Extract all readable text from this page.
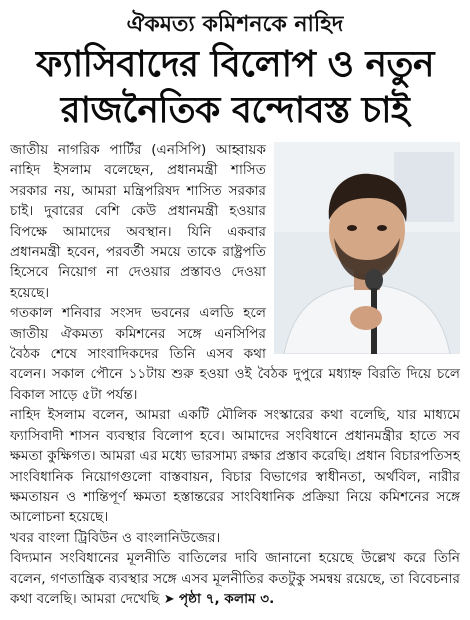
ঐকমত্য কমিশনকে নাহিদ
ফ্যাসিবাদের বিলোপ ও নতুন
রাজনৈতিক বন্দোবস্ত চাই

জাতীয় নাগরিক পার্টির (এনসিপি) আহ্বায়ক নাহিদ ইসলাম বলেছেন, প্রধানমন্ত্রী শাসিত সরকার নয়, আমরা মন্ত্রিপরিষদ শাসিত সরকার চাই। দুবারের বেশি কেউ প্রধানমন্ত্রী হওয়ার বিপক্ষে আমাদের অবস্থান। যিনি একবার প্রধানমন্ত্রী হবেন, পরবর্তী সময়ে তাকে রাষ্ট্রপতি হিসেবে নিয়োগ না দেওয়ার প্রস্তাবও দেওয়া হয়েছে।

গতকাল শনিবার সংসদ ভবনের এলডি হলে জাতীয় ঐকমত্য কমিশনের সঙ্গে এনসিপির বৈঠক শেষে সাংবাদিকদের তিনি এসব কথা বলেন। সকাল পৌনে ১১টায় শুরু হওয়া ওই বৈঠক দুপুরে মধ্যাহ্ন বিরতি দিয়ে চলে বিকাল সাড়ে ৫টা পর্যন্ত।

নাহিদ ইসলাম বলেন, আমরা একটি মৌলিক সংস্কারের কথা বলেছি, যার মাধ্যমে ফ্যাসিবাদী শাসন ব্যবস্থার বিলোপ হবে। আমাদের সংবিধানে প্রধানমন্ত্রীর হাতে সব ক্ষমতা কুক্ষিগত। আমরা এর মধ্যে ভারসাম্য রক্ষার প্রস্তাব করেছি। প্রধান বিচারপতিসহ সাংবিধানিক নিয়োগগুলো বাস্তবায়ন, বিচার বিভাগের স্বাধীনতা, অর্থবিল, নারীর ক্ষমতায়ন ও শান্তিপূর্ণ ক্ষমতা হস্তান্তরের সাংবিধানিক প্রক্রিয়া নিয়ে কমিশনের সঙ্গে আলোচনা হয়েছে।

খবর বাংলা ট্রিবিউন ও বাংলানিউজের।

বিদ্যমান সংবিধানের মূলনীতি বাতিলের দাবি জানানো হয়েছে উল্লেখ করে তিনি বলেন, গণতান্ত্রিক ব্যবস্থার সঙ্গে এসব মূলনীতির কতটুকু সমন্বয় রয়েছে, তা বিবেচনার কথা বলেছি। আমরা দেখেছি ➤ পৃষ্ঠা ৭, কলাম ৩.
